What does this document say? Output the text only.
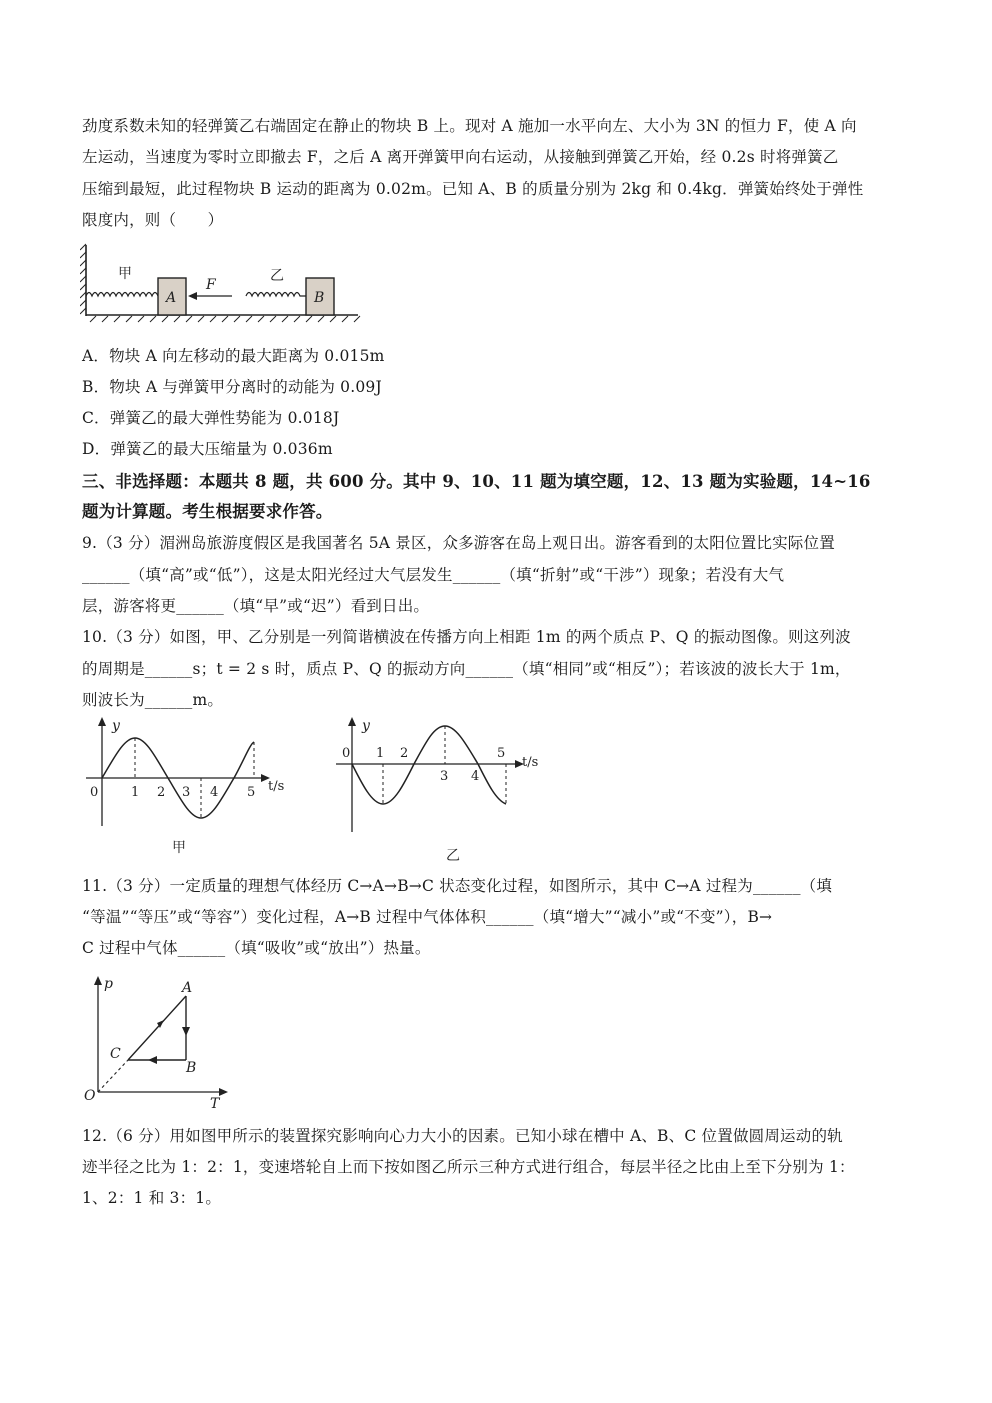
劲度系数未知的轻弹簧乙右端固定在静止的物块 B 上。现对 A 施加一水平向左、大小为 3N 的恒力 F，使 A 向
左运动，当速度为零时立即撤去 F，之后 A 离开弹簧甲向右运动，从接触到弹簧乙开始，经 0.2s 时将弹簧乙
压缩到最短，此过程物块 B 运动的距离为 0.02m。已知 A、B 的质量分别为 2kg 和 0.4kg．弹簧始终处于弹性
限度内，则（　　）
甲
A
F
乙
B
A．物块 A 向左移动的最大距离为 0.015m
B．物块 A 与弹簧甲分离时的动能为 0.09J
C．弹簧乙的最大弹性势能为 0.018J
D．弹簧乙的最大压缩量为 0.036m
三、非选择题：本题共 8 题，共 600 分。其中 9、10、11 题为填空题，12、13 题为实验题，14~16
题为计算题。考生根据要求作答。
9.（3 分）湄洲岛旅游度假区是我国著名 5A 景区，众多游客在岛上观日出。游客看到的太阳位置比实际位置
______（填“高”或“低”），这是太阳光经过大气层发生______（填“折射”或“干涉”）现象；若没有大气
层，游客将更______（填“早”或“迟”）看到日出。
10.（3 分）如图，甲、乙分别是一列简谐横波在传播方向上相距 1m 的两个质点 P、Q 的振动图像。则这列波
的周期是______s；t = 2 s 时，质点 P、Q 的振动方向______（填“相同”或“相反”）；若该波的波长大于 1m，
则波长为______m。
y
t/s
0	1 2 3 4 5
甲
y
t/s
0 1 2
3 4
5
乙
11.（3 分）一定质量的理想气体经历 C→A→B→C 状态变化过程，如图所示，其中 C→A 过程为______（填
“等温”“等压”或“等容”）变化过程，A→B 过程中气体体积______（填“增大”“减小”或“不变”），B→
C 过程中气体______（填“吸收”或“放出”）热量。
p
T
O
A
B
C
12.（6 分）用如图甲所示的装置探究影响向心力大小的因素。已知小球在槽中 A、B、C 位置做圆周运动的轨
迹半径之比为 1：2：1，变速塔轮自上而下按如图乙所示三种方式进行组合，每层半径之比由上至下分别为 1：
1、2：1 和 3：1。
